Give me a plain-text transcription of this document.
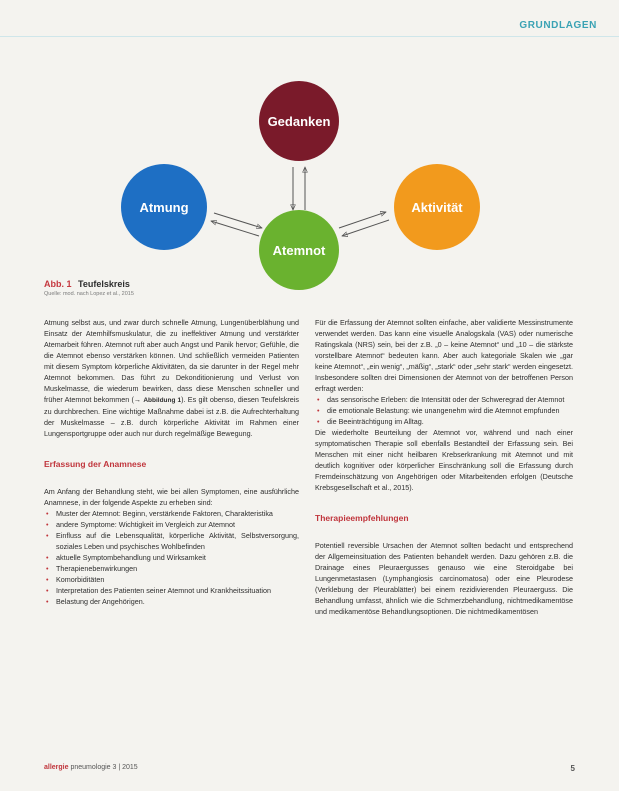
GRUNDLAGEN
Gedanken
Atmung	Aktivität
Atemnot
Abb. 1 Teufelskreis
Quelle: mod. nach Lopez et al., 2015

Atmung selbst aus, und zwar durch schnelle Atmung, Lungenüberblähung und Einsatz der Atemhilfsmuskulatur, die zu ineffektiver Atmung und verstärkter Atemarbeit führen. Atemnot ruft aber auch Angst und Panik hervor; Gefühle, die die Atemnot ebenso verstärken können. Und schließlich vermeiden Patienten mit diesem Symptom körperliche Aktivitäten, da sie darunter in der Regel mehr Atemnot bekommen. Das führt zu Dekonditionierung und Verlust von Muskelmasse, die wiederum bewirken, dass diese Menschen schneller und früher Atemnot bekommen (→ Abbildung 1). Es gilt obenso, diesen Teufelskreis zu durchbrechen. Eine wichtige Maßnahme dabei ist z.B. die Aufrechterhaltung der Muskelmasse – z.B. durch körperliche Aktivität im Rahmen einer Lungensportgruppe oder auch nur durch regelmäßige Bewegung.

Erfassung der Anamnese

Am Anfang der Behandlung steht, wie bei allen Symptomen, eine ausführliche Anamnese, in der folgende Aspekte zu erheben sind:

• Muster der Atemnot: Beginn, verstärkende Faktoren, Charakteristika
• andere Symptome: Wichtigkeit im Vergleich zur Atemnot
• Einfluss auf die Lebensqualität, körperliche Aktivität, Selbstversorgung, soziales Leben und psychisches Wohlbefinden
• aktuelle Symptombehandlung und Wirksamkeit
• Therapienebenwirkungen
• Komorbiditäten
• Interpretation des Patienten seiner Atemnot und Krankheitssituation
• Belastung der Angehörigen.

Für die Erfassung der Atemnot sollten einfache, aber validierte Messinstrumente verwendet werden. Das kann eine visuelle Analogskala (VAS) oder numerische Ratingskala (NRS) sein, bei der z.B. „0 – keine Atemnot“ und „10 – die stärkste vorstellbare Atemnot“ bedeuten kann. Aber auch kategoriale Skalen wie „gar keine Atemnot“, „ein wenig“, „mäßig“, „stark“ oder „sehr stark“ werden eingesetzt. Insbesondere sollten drei Dimensionen der Atemnot von der betroffenen Person erfragt werden:

• das sensorische Erleben: die Intensität oder der Schweregrad der Atemnot
• die emotionale Belastung: wie unangenehm wird die Atemnot empfunden
• die Beeinträchtigung im Alltag.

Die wiederholte Beurteilung der Atemnot vor, während und nach einer symptomatischen Therapie soll ebenfalls Bestandteil der Erfassung sein. Bei Menschen mit einer nicht heilbaren Krebserkrankung mit Atemnot und mit deutlich kognitiver oder körperlicher Einschränkung soll die Erfassung durch Fremdeinschätzung von Angehörigen oder Mitarbeitenden erfolgen (Deutsche Krebsgesellschaft et al., 2015).

Therapieempfehlungen

Potentiell reversible Ursachen der Atemnot sollten bedacht und entsprechend der Allgemeinsituation des Patienten behandelt werden. Dazu gehören z.B. die Drainage eines Pleuraergusses genauso wie eine Steroidgabe bei Lungenmetastasen (Lymphangiosis carcinomatosa) oder eine Pleurodese (Verklebung der Pleurablätter) bei einem rezidivierenden Pleuraerguss. Die Behandlung umfasst, ähnlich wie die Schmerzbehandlung, nichtmedikamentöse und medikamentöse Behandlungsoptionen. Die nichtmedikamentösen

allergie pneumologie 3 | 2015	5
